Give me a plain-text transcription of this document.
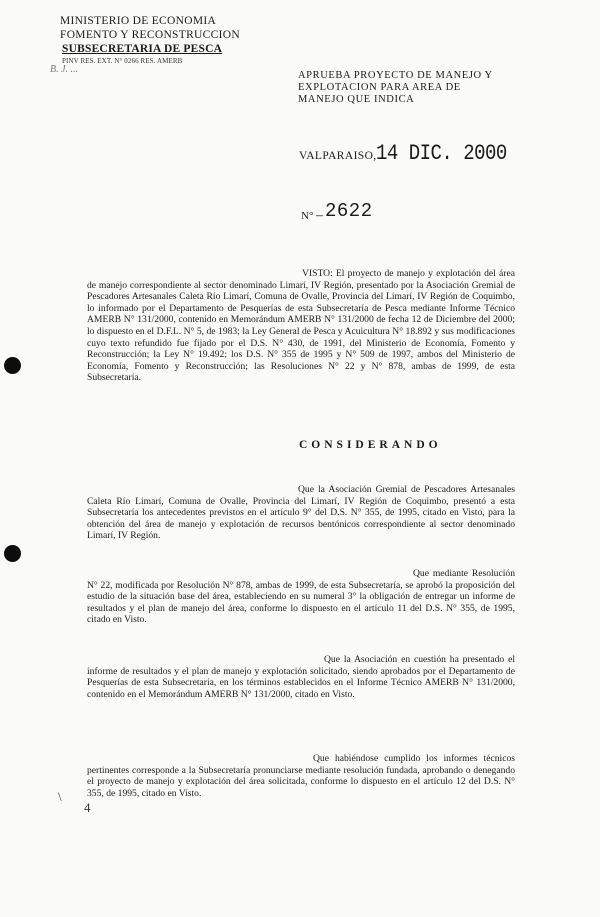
MINISTERIO DE ECONOMIA
FOMENTO Y RECONSTRUCCION
SUBSECRETARIA DE PESCA
PINV RES. EXT. N° 0266 RES. AMERB
B. J. ...
APRUEBA PROYECTO DE MANEJO Y EXPLOTACION PARA AREA DE MANEJO QUE INDICA
VALPARAISO, 14 DIC. 2000
N° – 2622
VISTO: El proyecto de manejo y explotación del área de manejo correspondiente al sector denominado Limarí, IV Región, presentado por la Asociación Gremial de Pescadores Artesanales Caleta Río Limarí, Comuna de Ovalle, Provincia del Limarí, IV Región de Coquimbo, lo informado por el Departamento de Pesquerías de esta Subsecretaría de Pesca mediante Informe Técnico AMERB N° 131/2000, contenido en Memorándum AMERB N° 131/2000 de fecha 12 de Diciembre del 2000; lo dispuesto en el D.F.L. N° 5, de 1983; la Ley General de Pesca y Acuicultura N° 18.892 y sus modificaciones cuyo texto refundido fue fijado por el D.S. N° 430, de 1991, del Ministerio de Economía, Fomento y Reconstrucción; la Ley N° 19.492; los D.S. N° 355 de 1995 y N° 509 de 1997, ambos del Ministerio de Economía, Fomento y Reconstrucción; las Resoluciones N° 22 y N° 878, ambas de 1999, de esta Subsecretaría.
CONSIDERANDO
Que la Asociación Gremial de Pescadores Artesanales Caleta Río Limarí, Comuna de Ovalle, Provincia del Limarí, IV Región de Coquimbo, presentó a esta Subsecretaría los antecedentes previstos en el artículo 9° del D.S. N° 355, de 1995, citado en Visto, para la obtención del área de manejo y explotación de recursos bentónicos correspondiente al sector denominado Limarí, IV Región.
Que mediante Resolución N° 22, modificada por Resolución N° 878, ambas de 1999, de esta Subsecretaría, se aprobó la proposición del estudio de la situación base del área, estableciendo en su numeral 3° la obligación de entregar un informe de resultados y el plan de manejo del área, conforme lo dispuesto en el artículo 11 del D.S. N° 355, de 1995, citado en Visto.
Que la Asociación en cuestión ha presentado el informe de resultados y el plan de manejo y explotación solicitado, siendo aprobados por el Departamento de Pesquerías de esta Subsecretaría, en los términos establecidos en el Informe Técnico AMERB N° 131/2000, contenido en el Memorándum AMERB N° 131/2000, citado en Visto.
Que habiéndose cumplido los informes técnicos pertinentes corresponde a la Subsecretaría pronunciarse mediante resolución fundada, aprobando o denegando el proyecto de manejo y explotación del área solicitada, conforme lo dispuesto en el artículo 12 del D.S. N° 355, de 1995, citado en Visto.
\
4
